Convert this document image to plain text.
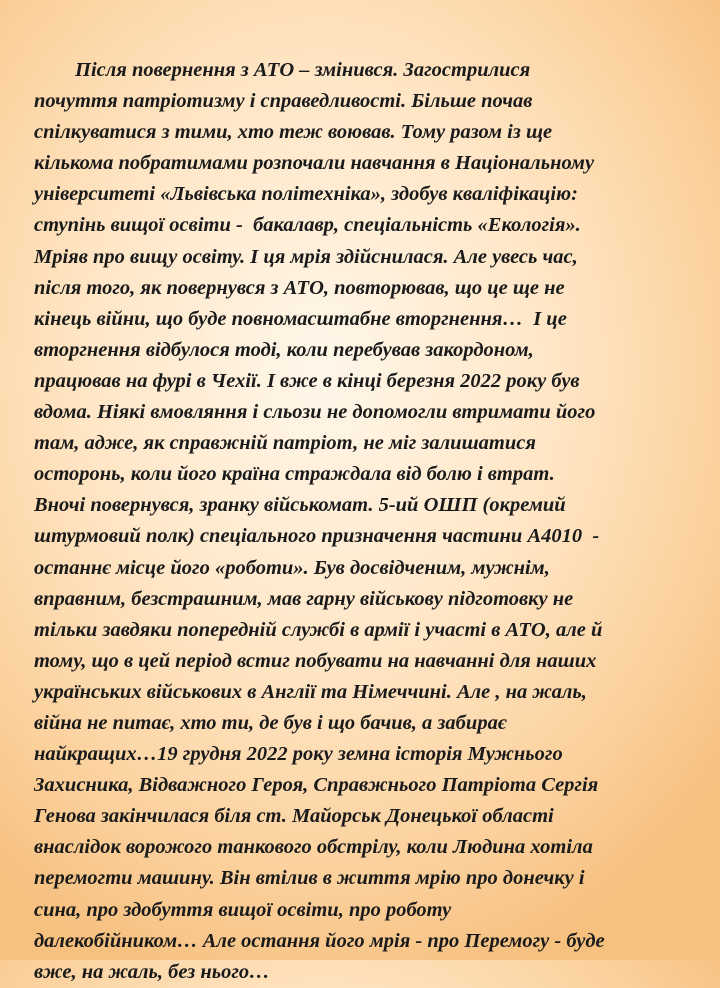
Після повернення з АТО – змінився. Загострилися
почуття патріотизму і справедливості. Більше почав
спілкуватися з тими, хто теж воював. Тому разом із ще
кількома побратимами розпочали навчання в Національному
університеті «Львівська політехніка», здобув кваліфікацію:
ступінь вищої освіти -  бакалавр, спеціальність «Екологія».
Мріяв про вищу освіту. І ця мрія здійснилася. Але увесь час,
після того, як повернувся з АТО, повторював, що це ще не
кінець війни, що буде повномасштабне вторгнення…  І це
вторгнення відбулося тоді, коли перебував закордоном,
працював на фурі в Чехії. І вже в кінці березня 2022 року був
вдома. Ніякі вмовляння і сльози не допомогли втримати його
там, адже, як справжній патріот, не міг залишатися
осторонь, коли його країна страждала від болю і втрат.
Вночі повернувся, зранку військомат. 5-ий ОШП (окремий
штурмовий полк) спеціального призначення частини А4010  -
останнє місце його «роботи». Був досвідченим, мужнім,
вправним, безстрашним, мав гарну військову підготовку не
тільки завдяки попередній службі в армії і участі в АТО, але й
тому, що в цей період встиг побувати на навчанні для наших
українських військових в Англії та Німеччині. Але , на жаль,
війна не питає, хто ти, де був і що бачив, а забирає
найкращих…19 грудня 2022 року земна історія Мужнього
Захисника, Відважного Героя, Справжнього Патріота Сергія
Генова закінчилася біля ст. Майорськ Донецької області
внаслідок ворожого танкового обстрілу, коли Людина хотіла
перемогти машину. Він втілив в життя мрію про донечку і
сина, про здобуття вищої освіти, про роботу
далекобійником… Але остання його мрія - про Перемогу - буде
вже, на жаль, без нього…
